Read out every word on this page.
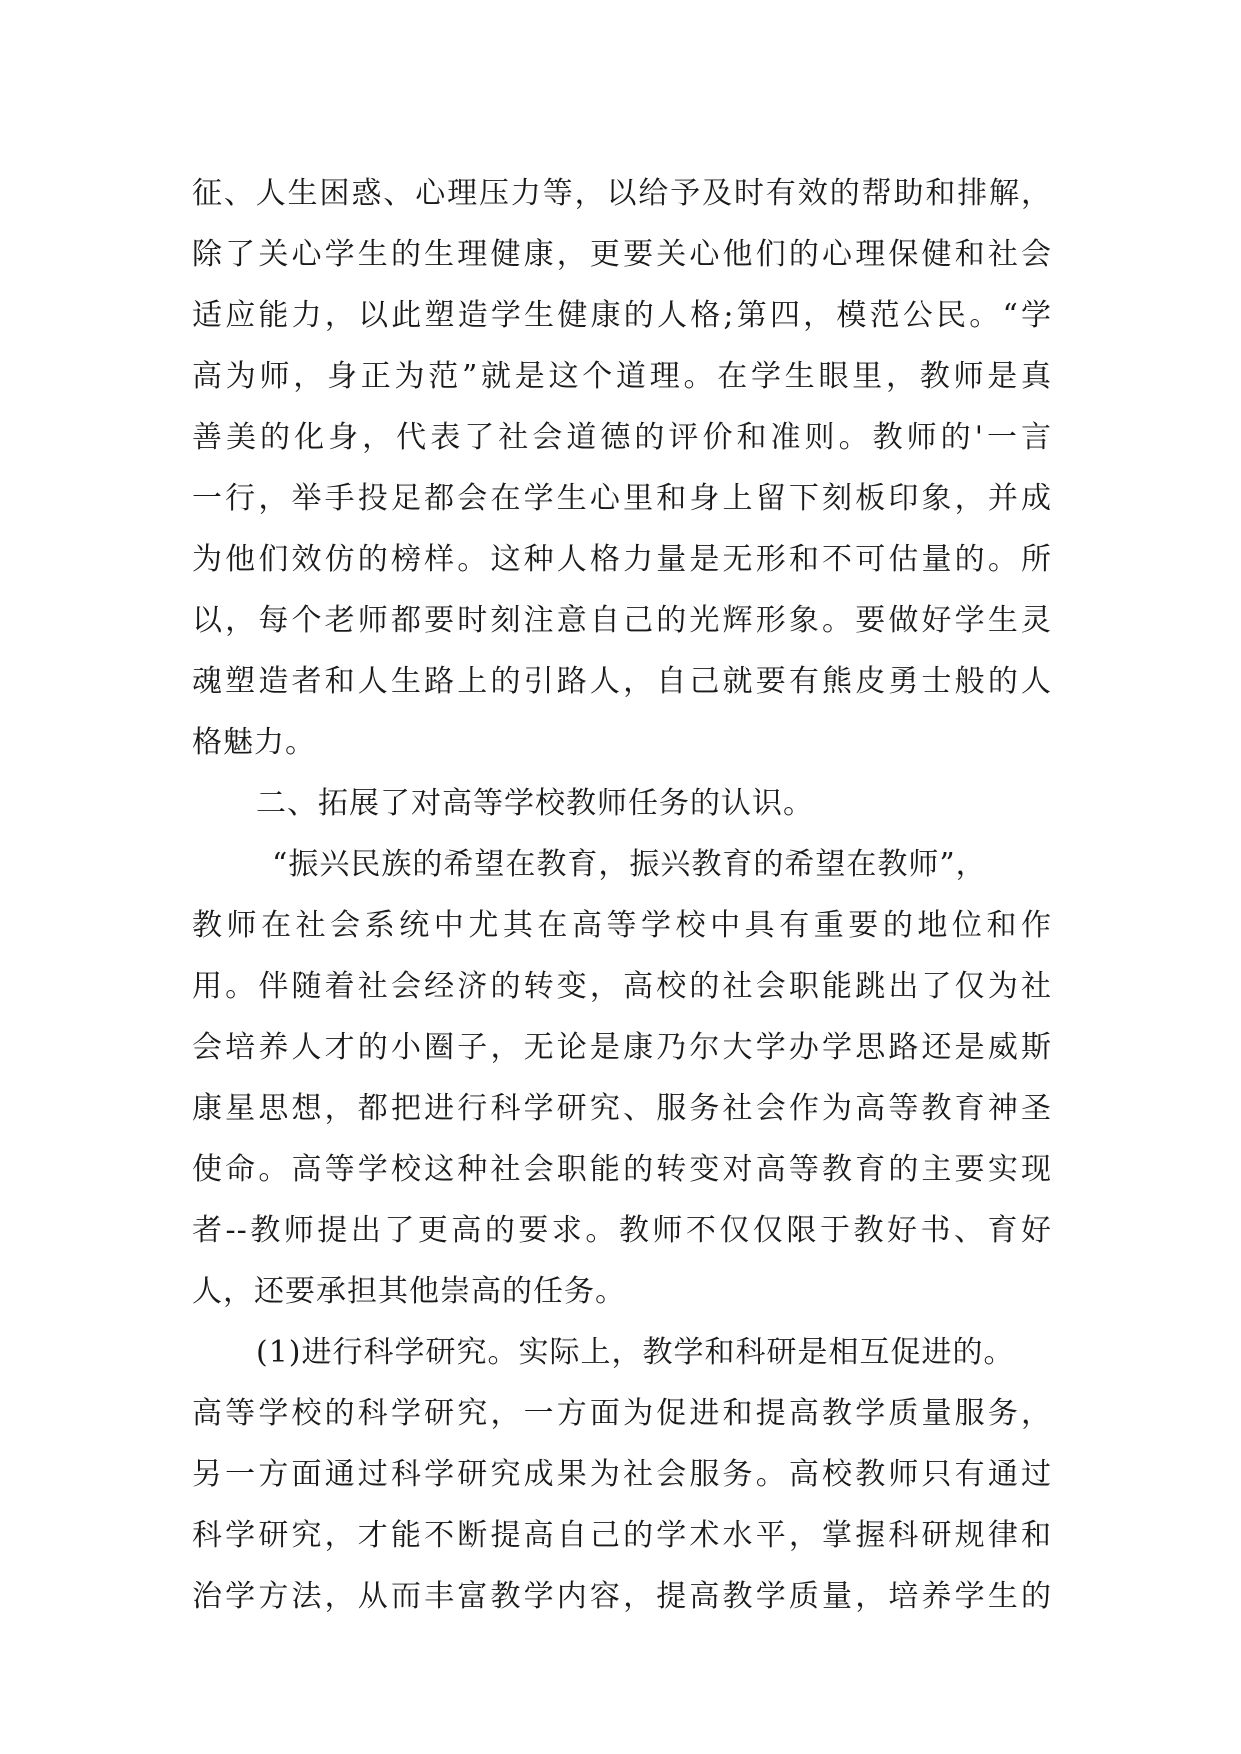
征、人生困惑、心理压力等，以给予及时有效的帮助和排解，
除了关心学生的生理健康，更要关心他们的心理保健和社会
适应能力，以此塑造学生健康的人格;第四，模范公民。“学
高为师，身正为范”就是这个道理。在学生眼里，教师是真
善美的化身，代表了社会道德的评价和准则。教师的'一言
一行，举手投足都会在学生心里和身上留下刻板印象，并成
为他们效仿的榜样。这种人格力量是无形和不可估量的。所
以，每个老师都要时刻注意自己的光辉形象。要做好学生灵
魂塑造者和人生路上的引路人，自己就要有熊皮勇士般的人
格魅力。
二、拓展了对高等学校教师任务的认识。
“振兴民族的希望在教育，振兴教育的希望在教师”，
教师在社会系统中尤其在高等学校中具有重要的地位和作
用。伴随着社会经济的转变，高校的社会职能跳出了仅为社
会培养人才的小圈子，无论是康乃尔大学办学思路还是威斯
康星思想，都把进行科学研究、服务社会作为高等教育神圣
使命。高等学校这种社会职能的转变对高等教育的主要实现
者--教师提出了更高的要求。教师不仅仅限于教好书、育好
人，还要承担其他崇高的任务。
(1)进行科学研究。实际上，教学和科研是相互促进的。
高等学校的科学研究，一方面为促进和提高教学质量服务，
另一方面通过科学研究成果为社会服务。高校教师只有通过
科学研究，才能不断提高自己的学术水平，掌握科研规律和
治学方法，从而丰富教学内容，提高教学质量，培养学生的
